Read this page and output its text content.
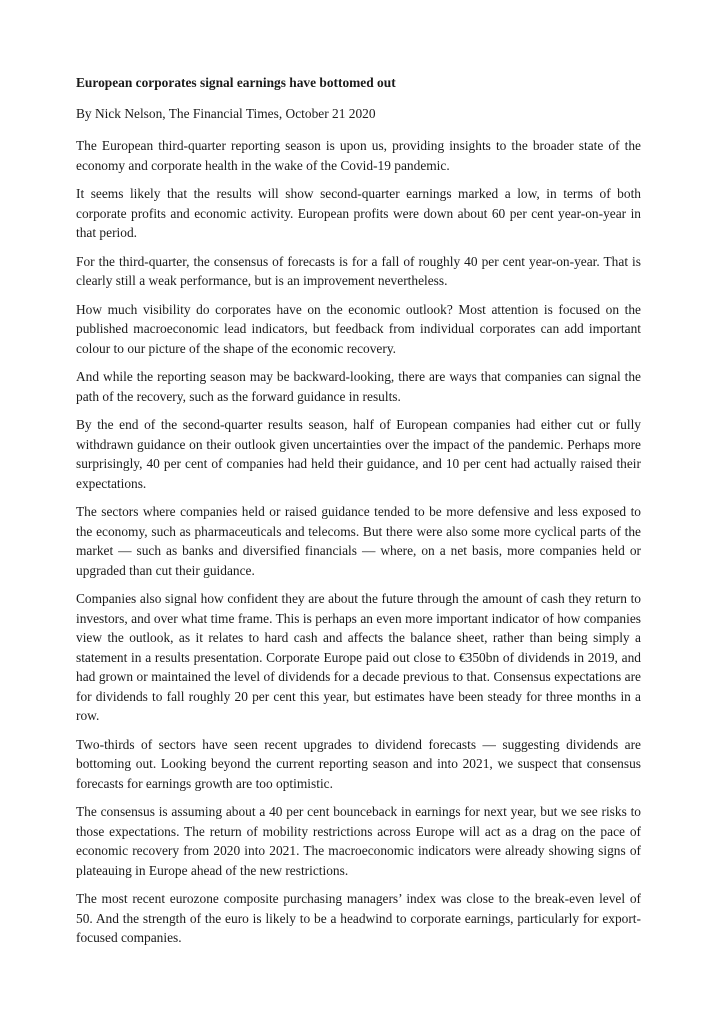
European corporates signal earnings have bottomed out

By Nick Nelson, The Financial Times, October 21 2020

The European third-quarter reporting season is upon us, providing insights to the broader state of the economy and corporate health in the wake of the Covid-19 pandemic.

It seems likely that the results will show second-quarter earnings marked a low, in terms of both corporate profits and economic activity. European profits were down about 60 per cent year-on-year in that period.

For the third-quarter, the consensus of forecasts is for a fall of roughly 40 per cent year-on-year. That is clearly still a weak performance, but is an improvement nevertheless.

How much visibility do corporates have on the economic outlook? Most attention is focused on the published macroeconomic lead indicators, but feedback from individual corporates can add important colour to our picture of the shape of the economic recovery.

And while the reporting season may be backward-looking, there are ways that companies can signal the path of the recovery, such as the forward guidance in results.

By the end of the second-quarter results season, half of European companies had either cut or fully withdrawn guidance on their outlook given uncertainties over the impact of the pandemic. Perhaps more surprisingly, 40 per cent of companies had held their guidance, and 10 per cent had actually raised their expectations.

The sectors where companies held or raised guidance tended to be more defensive and less exposed to the economy, such as pharmaceuticals and telecoms. But there were also some more cyclical parts of the market — such as banks and diversified financials — where, on a net basis, more companies held or upgraded than cut their guidance.

Companies also signal how confident they are about the future through the amount of cash they return to investors, and over what time frame. This is perhaps an even more important indicator of how companies view the outlook, as it relates to hard cash and affects the balance sheet, rather than being simply a statement in a results presentation. Corporate Europe paid out close to €350bn of dividends in 2019, and had grown or maintained the level of dividends for a decade previous to that. Consensus expectations are for dividends to fall roughly 20 per cent this year, but estimates have been steady for three months in a row.

Two-thirds of sectors have seen recent upgrades to dividend forecasts — suggesting dividends are bottoming out. Looking beyond the current reporting season and into 2021, we suspect that consensus forecasts for earnings growth are too optimistic.

The consensus is assuming about a 40 per cent bounceback in earnings for next year, but we see risks to those expectations. The return of mobility restrictions across Europe will act as a drag on the pace of economic recovery from 2020 into 2021. The macroeconomic indicators were already showing signs of plateauing in Europe ahead of the new restrictions.

The most recent eurozone composite purchasing managers’ index was close to the break-even level of 50. And the strength of the euro is likely to be a headwind to corporate earnings, particularly for export-focused companies.
